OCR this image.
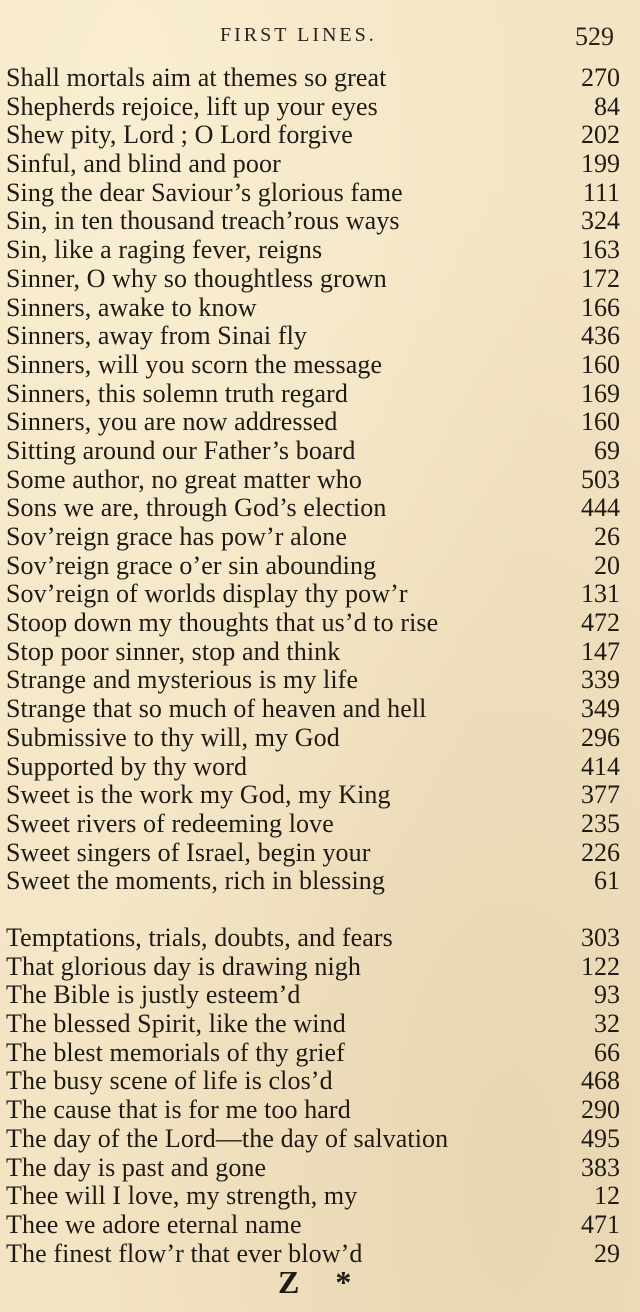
FIRST LINES.	529
Shall mortals aim at themes so great	270
Shepherds rejoice, lift up your eyes	84
Shew pity, Lord ; O Lord forgive	202
Sinful, and blind and poor	199
Sing the dear Saviour’s glorious fame	111
Sin, in ten thousand treach’rous ways	324
Sin, like a raging fever, reigns	163
Sinner, O why so thoughtless grown	172
Sinners, awake to know	166
Sinners, away from Sinai fly	436
Sinners, will you scorn the message	160
Sinners, this solemn truth regard	169
Sinners, you are now addressed	160
Sitting around our Father’s board	69
Some author, no great matter who	503
Sons we are, through God’s election	444
Sov’reign grace has pow’r alone	26
Sov’reign grace o’er sin abounding	20
Sov’reign of worlds display thy pow’r	131
Stoop down my thoughts that us’d to rise	472
Stop poor sinner, stop and think	147
Strange and mysterious is my life	339
Strange that so much of heaven and hell	349
Submissive to thy will, my God	296
Supported by thy word	414
Sweet is the work my God, my King	377
Sweet rivers of redeeming love	235
Sweet singers of Israel, begin your	226
Sweet the moments, rich in blessing	61
Temptations, trials, doubts, and fears	303
That glorious day is drawing nigh	122
The Bible is justly esteem’d	93
The blessed Spirit, like the wind	32
The blest memorials of thy grief	66
The busy scene of life is clos’d	468
The cause that is for me too hard	290
The day of the Lord—the day of salvation	495
The day is past and gone	383
Thee will I love, my strength, my	12
Thee we adore eternal name	471
The finest flow’r that ever blow’d	29
Z *
